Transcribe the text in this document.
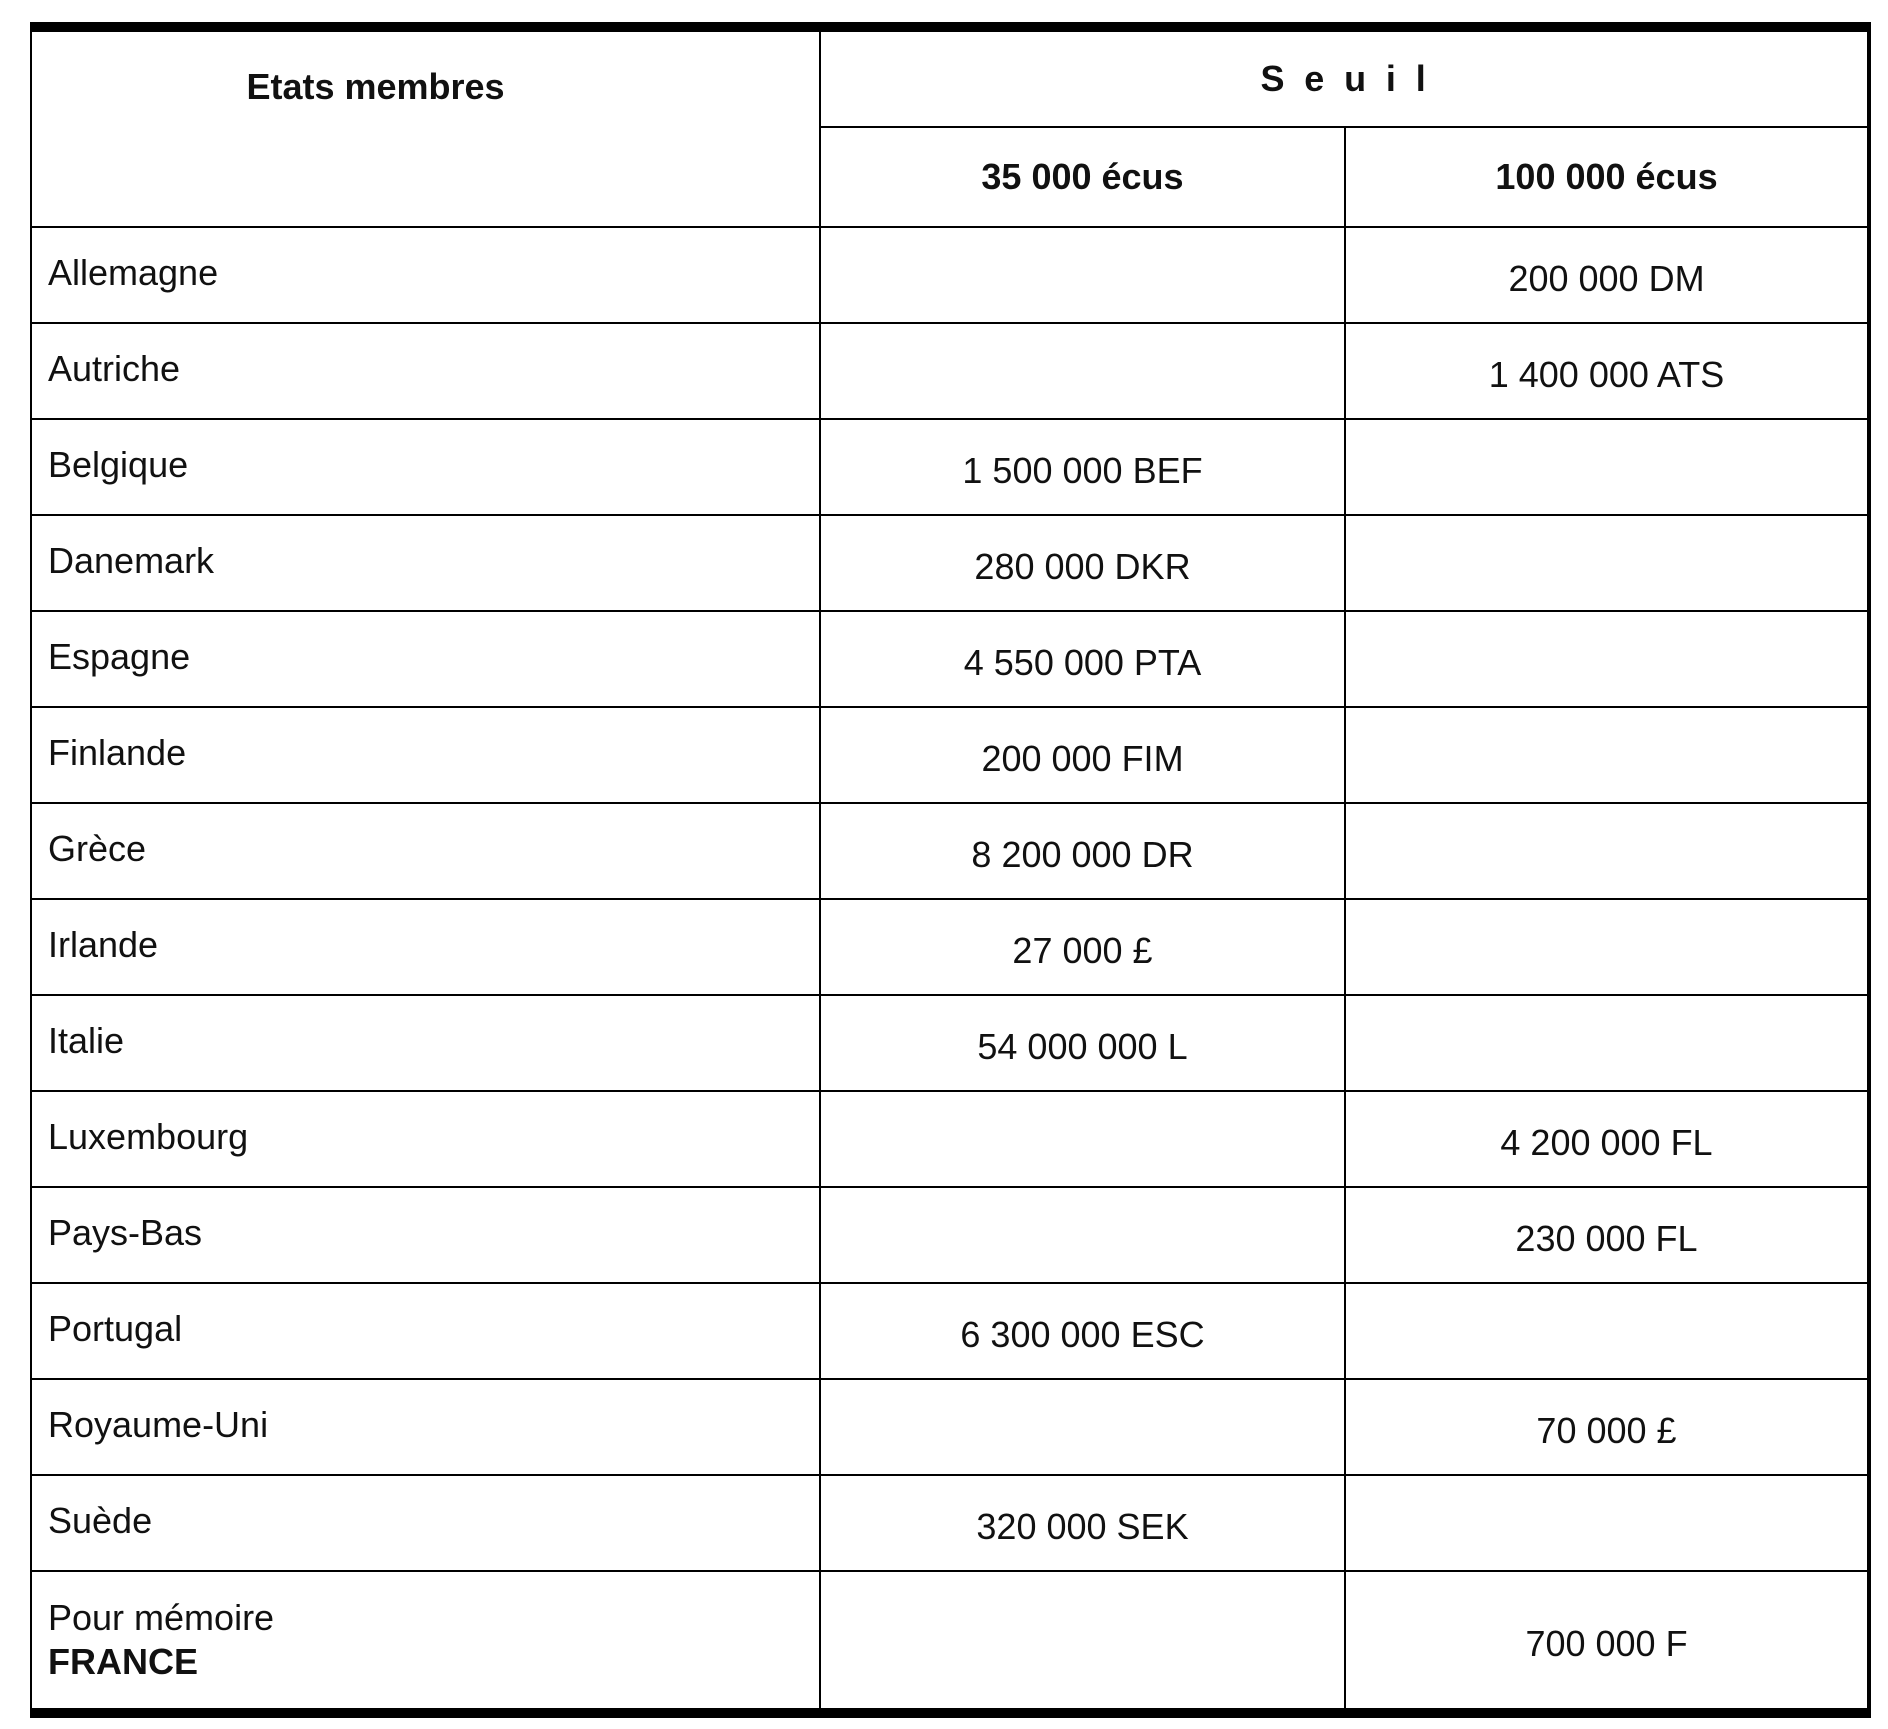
Etats membres	Seuil	
	35 000 écus	100 000 écus
Allemagne		200 000 DM
Autriche		1 400 000 ATS
Belgique	1 500 000 BEF	
Danemark	280 000 DKR	
Espagne	4 550 000 PTA	
Finlande	200 000 FIM	
Grèce	8 200 000 DR	
Irlande	27 000 £	
Italie	54 000 000 L	
Luxembourg		4 200 000 FL
Pays-Bas		230 000 FL
Portugal	6 300 000 ESC	
Royaume-Uni		70 000 £
Suède	320 000 SEK	

Pour mémoire
FRANCE		700 000 F
